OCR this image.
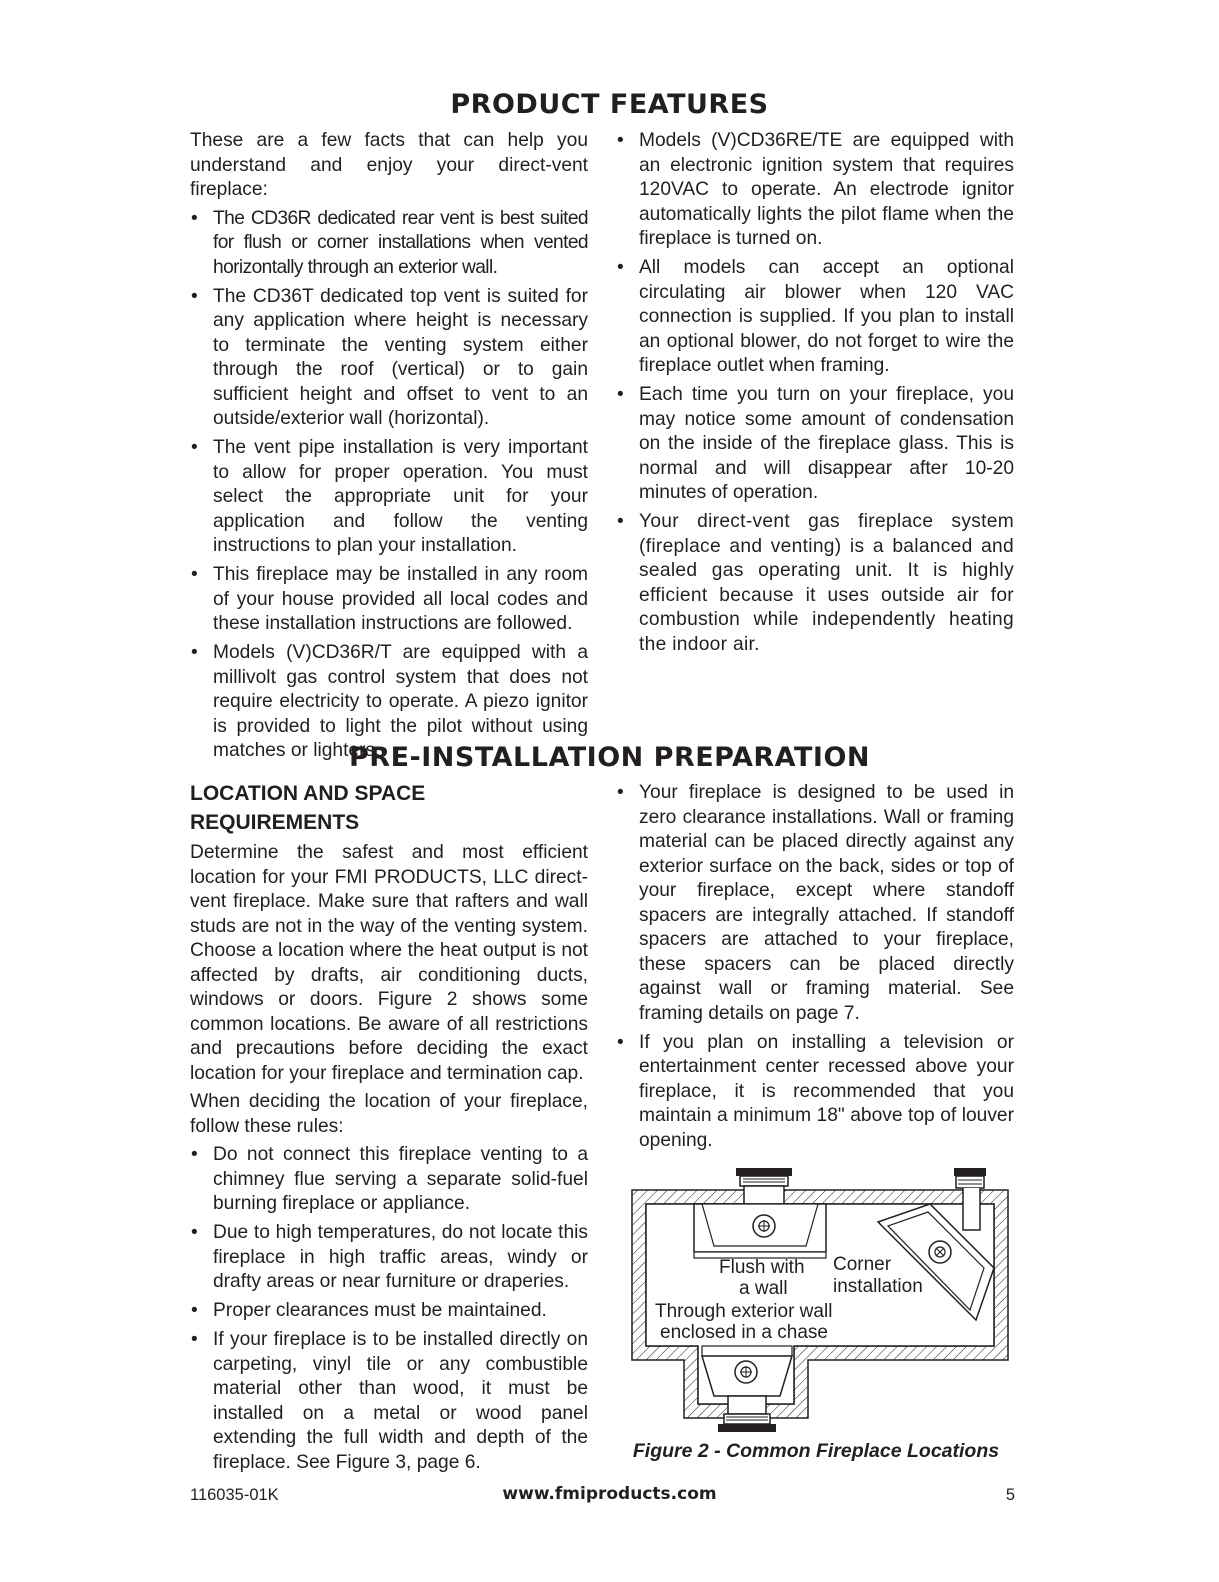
PRODUCT FEATURES

These are a few facts that can help you understand and enjoy your direct-vent fireplace:

• The CD36R dedicated rear vent is best suited for flush or corner installations when vented horizontally through an exterior wall.
• The CD36T dedicated top vent is suited for any application where height is necessary to terminate the venting system either through the roof (vertical) or to gain sufficient height and offset to vent to an outside/exterior wall (horizontal).
• The vent pipe installation is very important to allow for proper operation. You must select the appropriate unit for your application and follow the venting instructions to plan your installation.
• This fireplace may be installed in any room of your house provided all local codes and these installation instructions are followed.
• Models (V)CD36R/T are equipped with a millivolt gas control system that does not require electricity to operate. A piezo ignitor is provided to light the pilot without using matches or lighters.
• Models (V)CD36RE/TE are equipped with an electronic ignition system that requires 120VAC to operate. An electrode ignitor automatically lights the pilot flame when the fireplace is turned on.
• All models can accept an optional circulating air blower when 120 VAC connection is supplied. If you plan to install an optional blower, do not forget to wire the fireplace outlet when framing.
• Each time you turn on your fireplace, you may notice some amount of condensation on the inside of the fireplace glass. This is normal and will disappear after 10-20 minutes of operation.
• Your direct-vent gas fireplace system (fireplace and venting) is a balanced and sealed gas operating unit. It is highly efficient because it uses outside air for combustion while independently heating the indoor air.
PRE-INSTALLATION PREPARATION

LOCATION AND SPACE REQUIREMENTS

Determine the safest and most efficient location for your FMI PRODUCTS, LLC direct-vent fireplace. Make sure that rafters and wall studs are not in the way of the venting system. Choose a location where the heat output is not affected by drafts, air conditioning ducts, windows or doors. Figure 2 shows some common locations. Be aware of all restrictions and precautions before deciding the exact location for your fireplace and termination cap.

When deciding the location of your fireplace, follow these rules:

• Do not connect this fireplace venting to a chimney flue serving a separate solid-fuel burning fireplace or appliance.
• Due to high temperatures, do not locate this fireplace in high traffic areas, windy or drafty areas or near furniture or draperies.
• Proper clearances must be maintained.
• If your fireplace is to be installed directly on carpeting, vinyl tile or any combustible material other than wood, it must be installed on a metal or wood panel extending the full width and depth of the fireplace. See Figure 3, page 6.
• Your fireplace is designed to be used in zero clearance installations. Wall or framing material can be placed directly against any exterior surface on the back, sides or top of your fireplace, except where standoff spacers are integrally attached. If standoff spacers are attached to your fireplace, these spacers can be placed directly against wall or framing material. See framing details on page 7.
• If you plan on installing a television or entertainment center recessed above your fireplace, it is recommended that you maintain a minimum 18" above top of louver opening.
Flush with
a wall
Corner
installation
Through exterior wall
enclosed in a chase
Figure 2 - Common Fireplace Locations
116035-01K	www.fmiproducts.com	5
